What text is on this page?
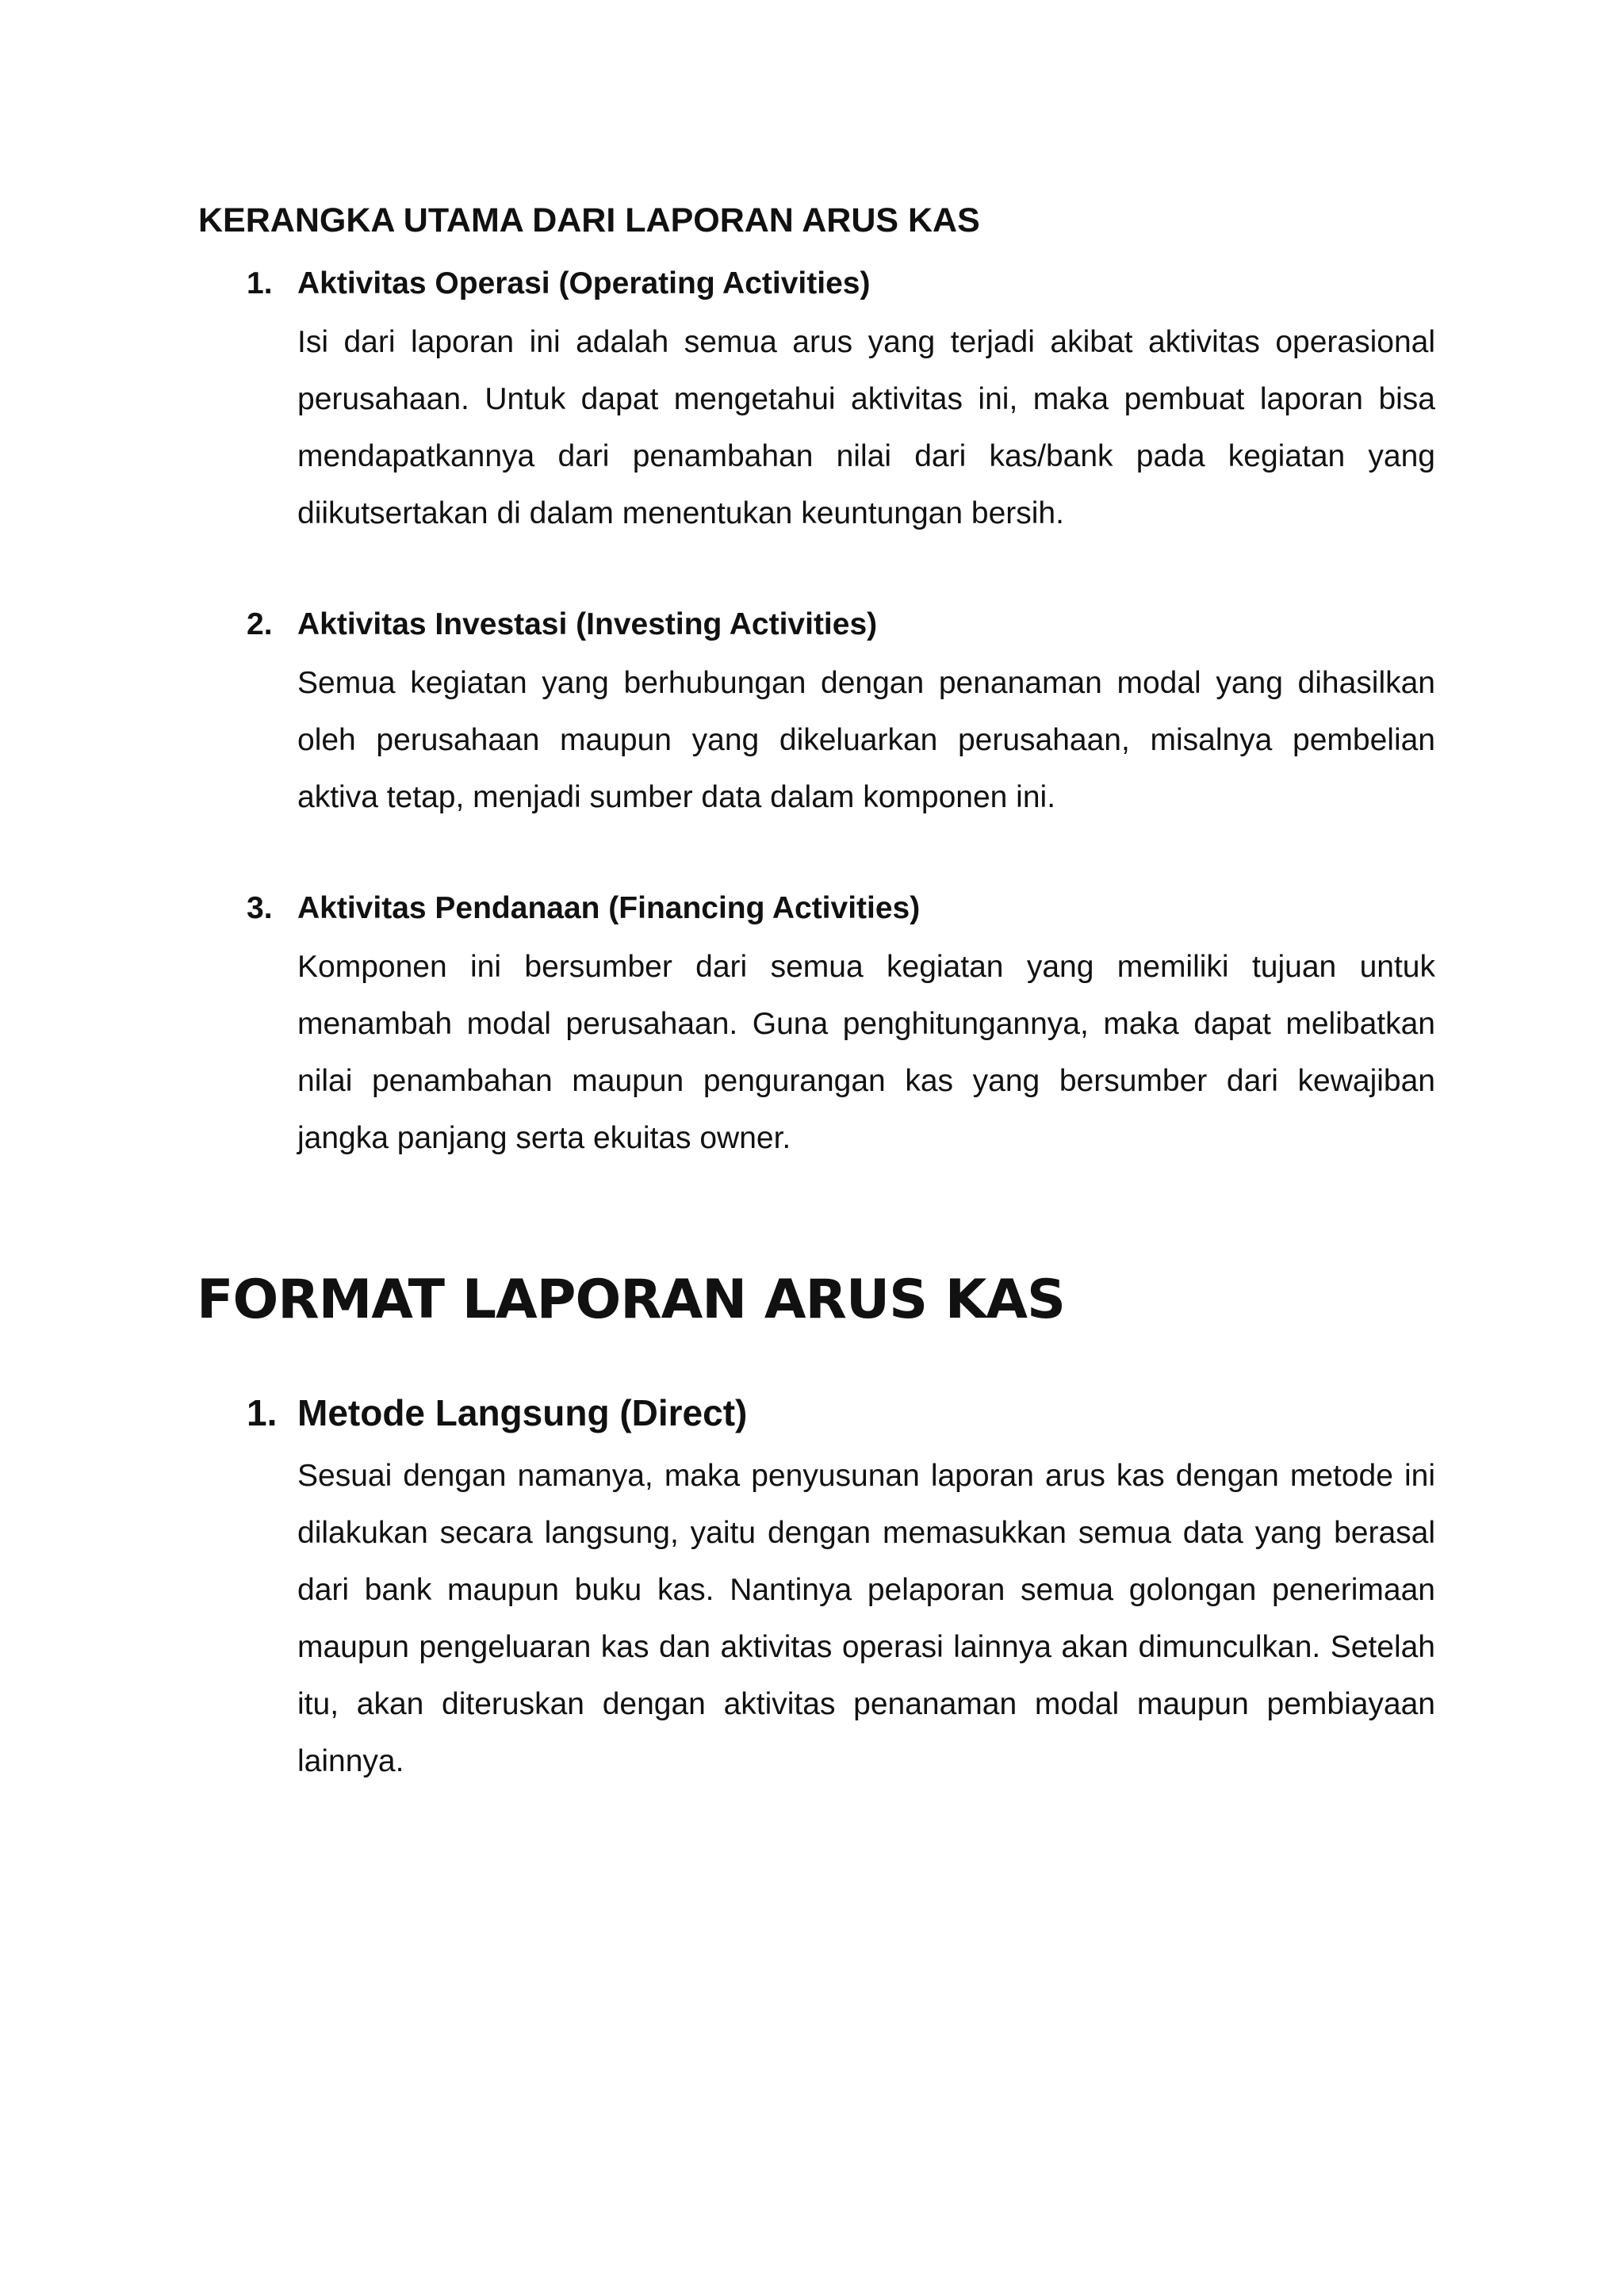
KERANGKA UTAMA DARI LAPORAN ARUS KAS
1. Aktivitas Operasi (Operating Activities)

Isi dari laporan ini adalah semua arus yang terjadi akibat aktivitas operasional perusahaan. Untuk dapat mengetahui aktivitas ini, maka pembuat laporan bisa mendapatkannya dari penambahan nilai dari kas/bank pada kegiatan yang diikutsertakan di dalam menentukan keuntungan bersih.

2. Aktivitas Investasi (Investing Activities)

Semua kegiatan yang berhubungan dengan penanaman modal yang dihasilkan oleh perusahaan maupun yang dikeluarkan perusahaan, misalnya pembelian aktiva tetap, menjadi sumber data dalam komponen ini.

3. Aktivitas Pendanaan (Financing Activities)

Komponen ini bersumber dari semua kegiatan yang memiliki tujuan untuk menambah modal perusahaan. Guna penghitungannya, maka dapat melibatkan nilai penambahan maupun pengurangan kas yang bersumber dari kewajiban jangka panjang serta ekuitas owner.

FORMAT LAPORAN ARUS KAS
1. Metode Langsung (Direct)

Sesuai dengan namanya, maka penyusunan laporan arus kas dengan metode ini dilakukan secara langsung, yaitu dengan memasukkan semua data yang berasal dari bank maupun buku kas. Nantinya pelaporan semua golongan penerimaan maupun pengeluaran kas dan aktivitas operasi lainnya akan dimunculkan. Setelah itu, akan diteruskan dengan aktivitas penanaman modal maupun pembiayaan lainnya.
